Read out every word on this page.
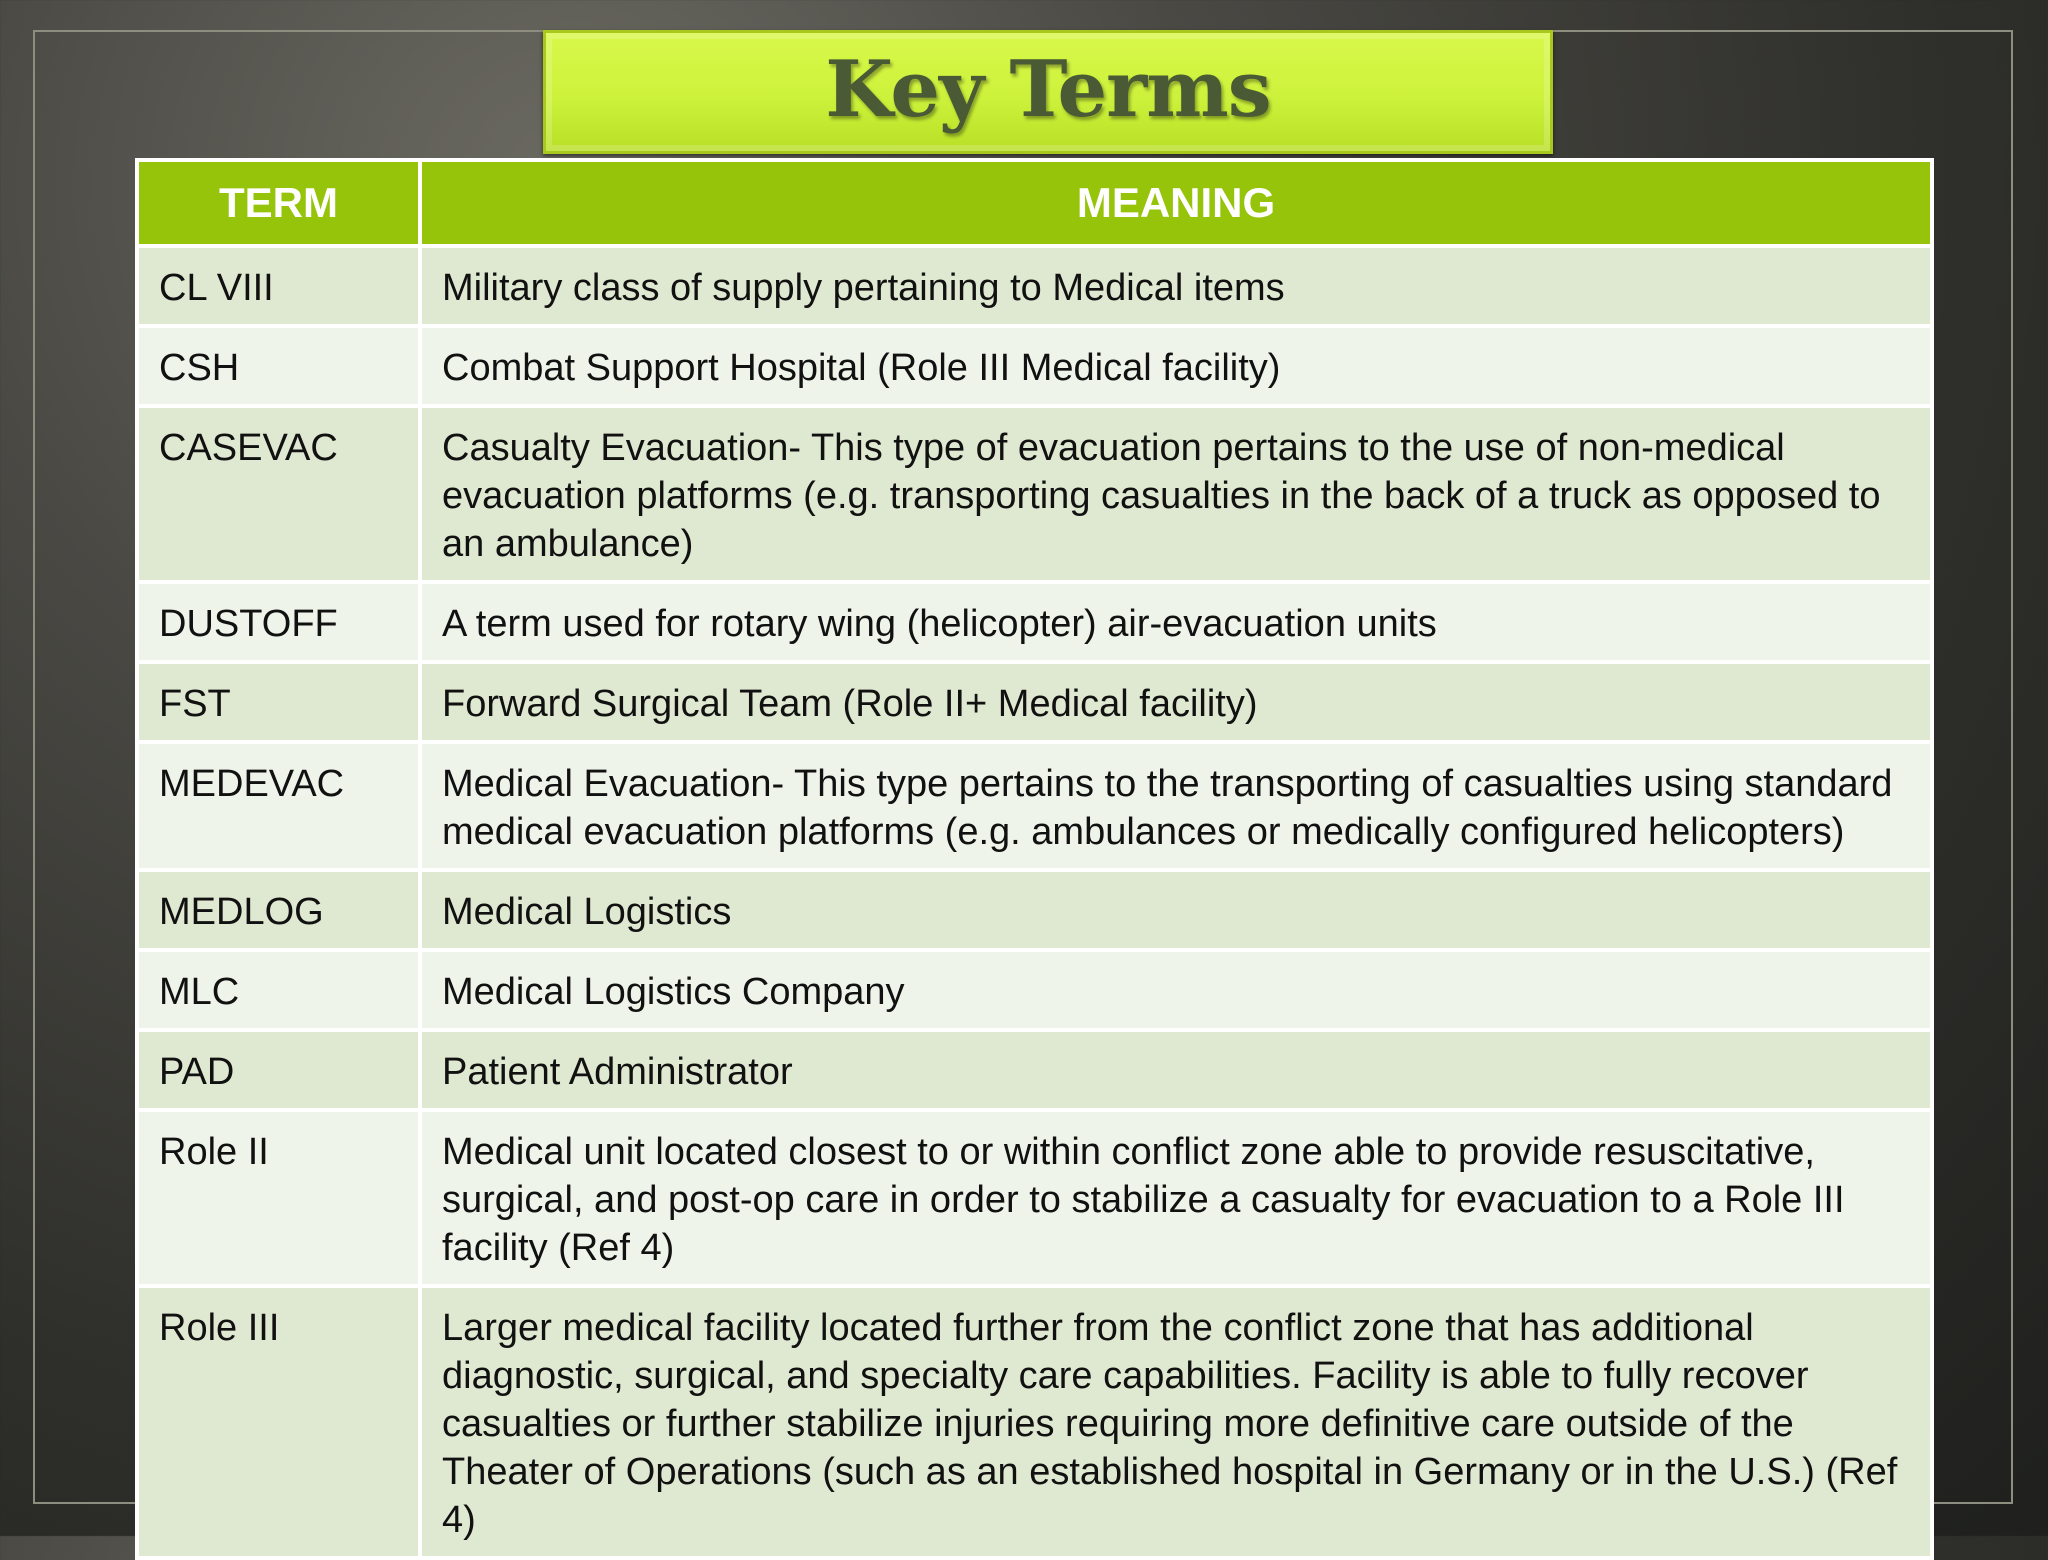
Key Terms
TERM	MEANING
CL VIII	Military class of supply pertaining to Medical items
CSH	Combat Support Hospital (Role III Medical facility)
CASEVAC	Casualty Evacuation- This type of evacuation pertains to the use of non-medical evacuation platforms (e.g. transporting casualties in the back of a truck as opposed to an ambulance)
DUSTOFF	A term used for rotary wing (helicopter) air-evacuation units
FST	Forward Surgical Team (Role II+ Medical facility)
MEDEVAC	Medical Evacuation- This type pertains to the transporting of casualties using standard medical evacuation platforms (e.g. ambulances or medically configured helicopters)
MEDLOG	Medical Logistics
MLC	Medical Logistics Company
PAD	Patient Administrator
Role II	Medical unit located closest to or within conflict zone able to provide resuscitative, surgical, and post-op care in order to stabilize a casualty for evacuation to a Role III facility (Ref 4)
Role III	Larger medical facility located further from the conflict zone that has additional diagnostic, surgical, and specialty care capabilities. Facility is able to fully recover casualties or further stabilize injuries requiring more definitive care outside of the Theater of Operations (such as an established hospital in Germany or in the U.S.) (Ref 4)
